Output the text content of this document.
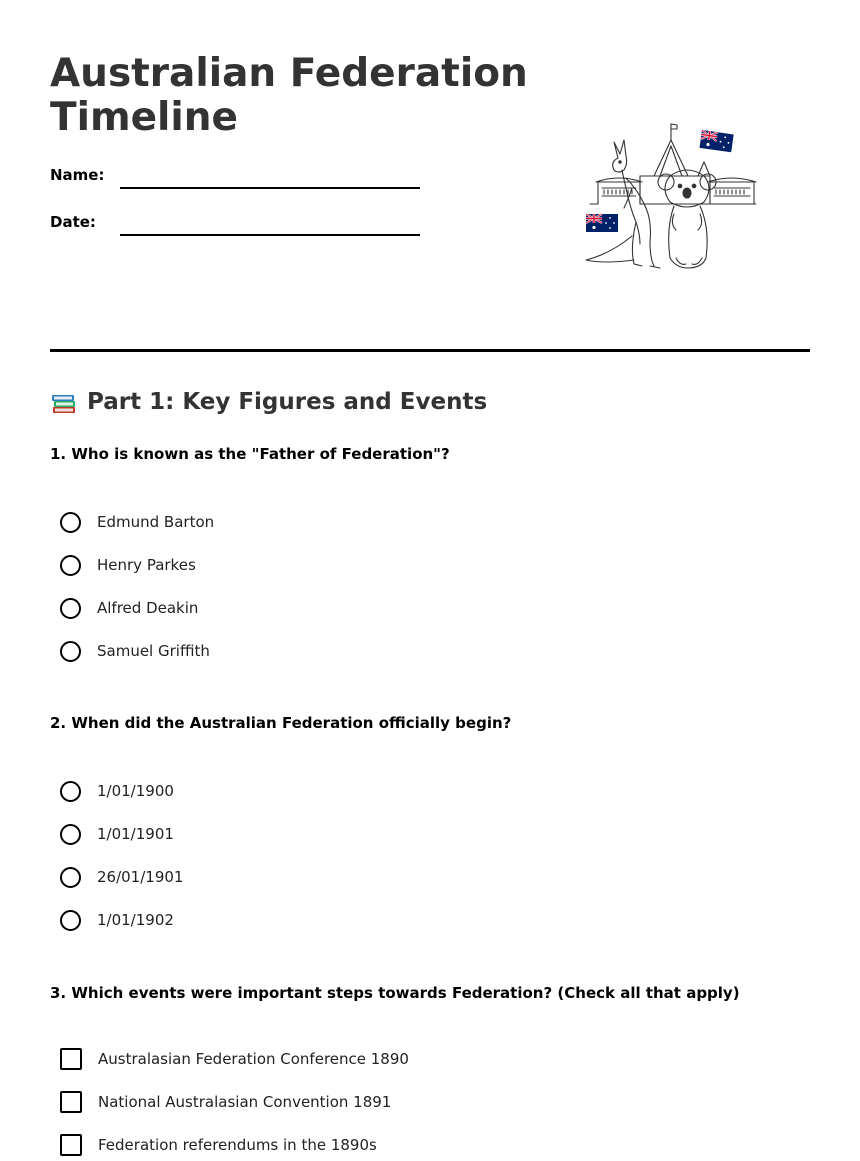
Australian Federation Timeline
Name:
Date:
Part 1: Key Figures and Events

1. Who is known as the "Father of Federation"?

Edmund Barton
Henry Parkes
Alfred Deakin
Samuel Griffith

2. When did the Australian Federation officially begin?

1/01/1900
1/01/1901
26/01/1901
1/01/1902

3. Which events were important steps towards Federation? (Check all that apply)

Australasian Federation Conference 1890
National Australasian Convention 1891
Federation referendums in the 1890s
